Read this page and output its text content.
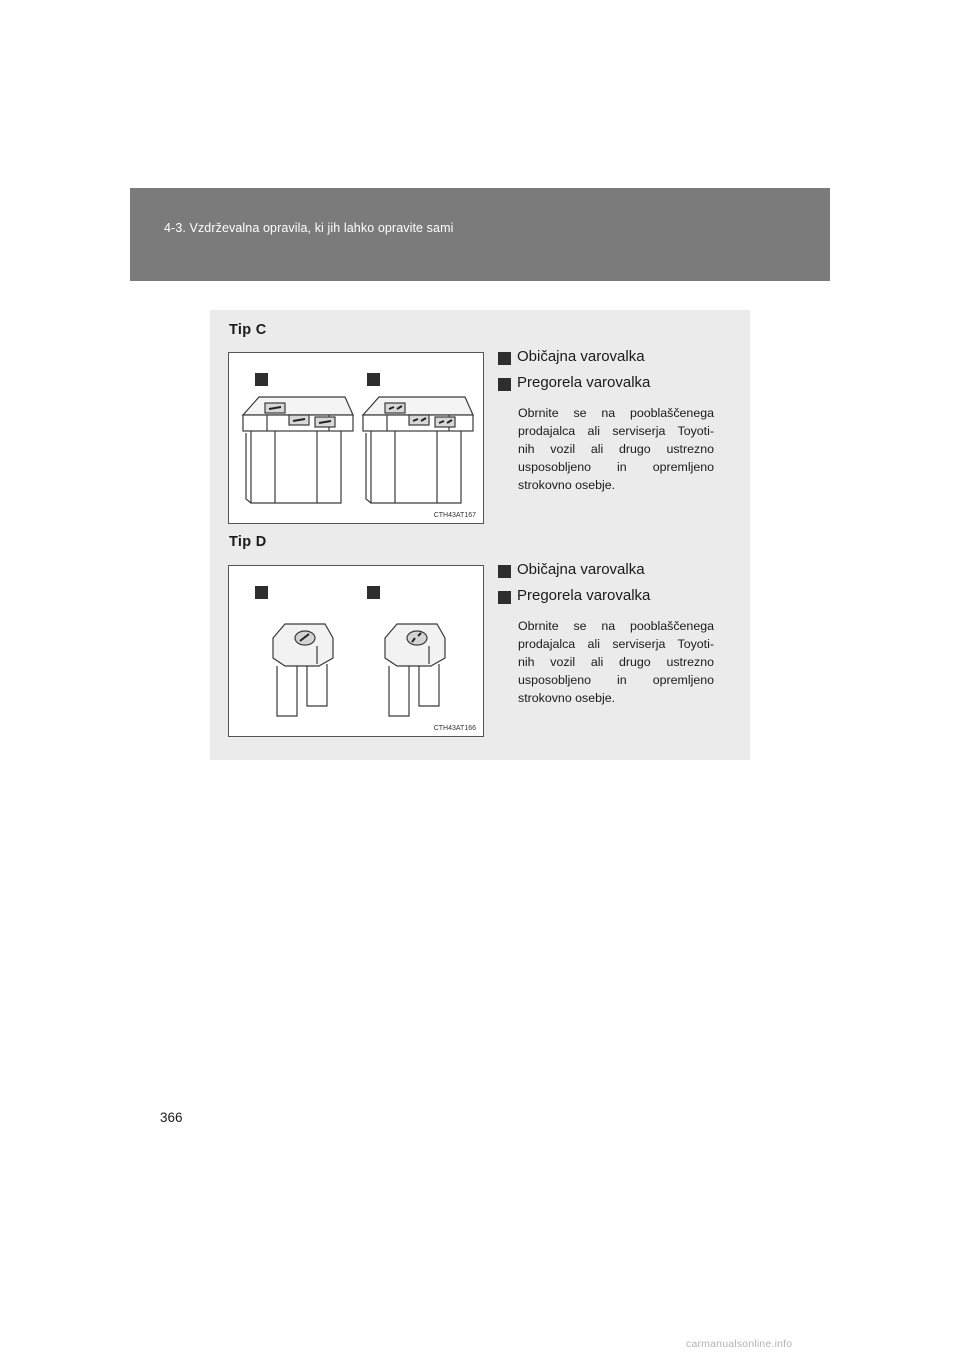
4-3. Vzdrževalna opravila, ki jih lahko opravite sami
Tip C
CTH43AT167
Običajna varovalka
Pregorela varovalka
Obrnite se na pooblaščenega
prodajalca ali serviserja Toyoti-
nih vozil ali drugo ustrezno
usposobljeno in opremljeno
strokovno osebje.
Tip D
CTH43AT166
Običajna varovalka
Pregorela varovalka
Obrnite se na pooblaščenega
prodajalca ali serviserja Toyoti-
nih vozil ali drugo ustrezno
usposobljeno in opremljeno
strokovno osebje.
366
carmanualsonline.info
